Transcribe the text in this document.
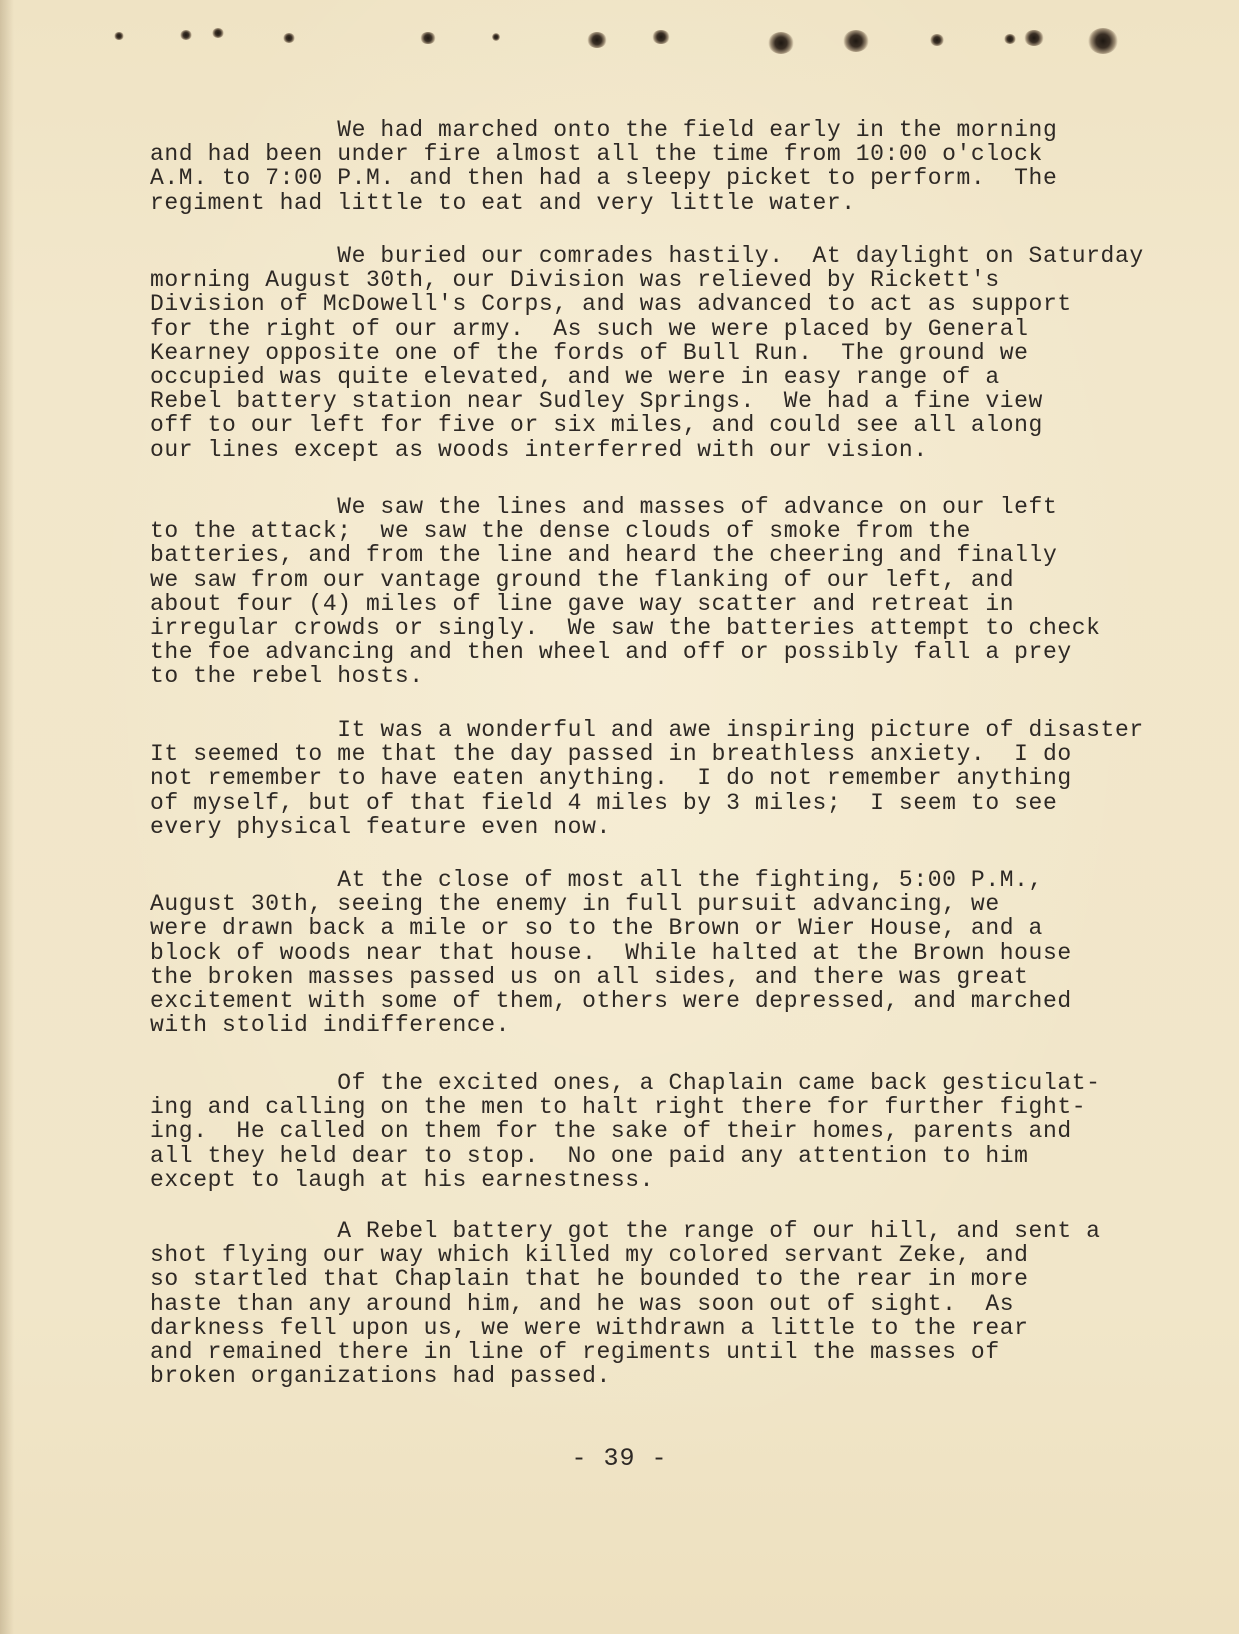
We had marched onto the field early in the morning
and had been under fire almost all the time from 10:00 o'clock
A.M. to 7:00 P.M. and then had a sleepy picket to perform.  The
regiment had little to eat and very little water.
We buried our comrades hastily.  At daylight on Saturday
morning August 30th, our Division was relieved by Rickett's
Division of McDowell's Corps, and was advanced to act as support
for the right of our army.  As such we were placed by General
Kearney opposite one of the fords of Bull Run.  The ground we
occupied was quite elevated, and we were in easy range of a
Rebel battery station near Sudley Springs.  We had a fine view
off to our left for five or six miles, and could see all along
our lines except as woods interferred with our vision.
We saw the lines and masses of advance on our left
to the attack;  we saw the dense clouds of smoke from the
batteries, and from the line and heard the cheering and finally
we saw from our vantage ground the flanking of our left, and
about four (4) miles of line gave way scatter and retreat in
irregular crowds or singly.  We saw the batteries attempt to check
the foe advancing and then wheel and off or possibly fall a prey
to the rebel hosts.
It was a wonderful and awe inspiring picture of disaster
It seemed to me that the day passed in breathless anxiety.  I do
not remember to have eaten anything.  I do not remember anything
of myself, but of that field 4 miles by 3 miles;  I seem to see
every physical feature even now.
At the close of most all the fighting, 5:00 P.M.,
August 30th, seeing the enemy in full pursuit advancing, we
were drawn back a mile or so to the Brown or Wier House, and a
block of woods near that house.  While halted at the Brown house
the broken masses passed us on all sides, and there was great
excitement with some of them, others were depressed, and marched
with stolid indifference.
Of the excited ones, a Chaplain came back gesticulat-
ing and calling on the men to halt right there for further fight-
ing.  He called on them for the sake of their homes, parents and
all they held dear to stop.  No one paid any attention to him
except to laugh at his earnestness.
A Rebel battery got the range of our hill, and sent a
shot flying our way which killed my colored servant Zeke, and
so startled that Chaplain that he bounded to the rear in more
haste than any around him, and he was soon out of sight.  As
darkness fell upon us, we were withdrawn a little to the rear
and remained there in line of regiments until the masses of
broken organizations had passed.
- 39 -
